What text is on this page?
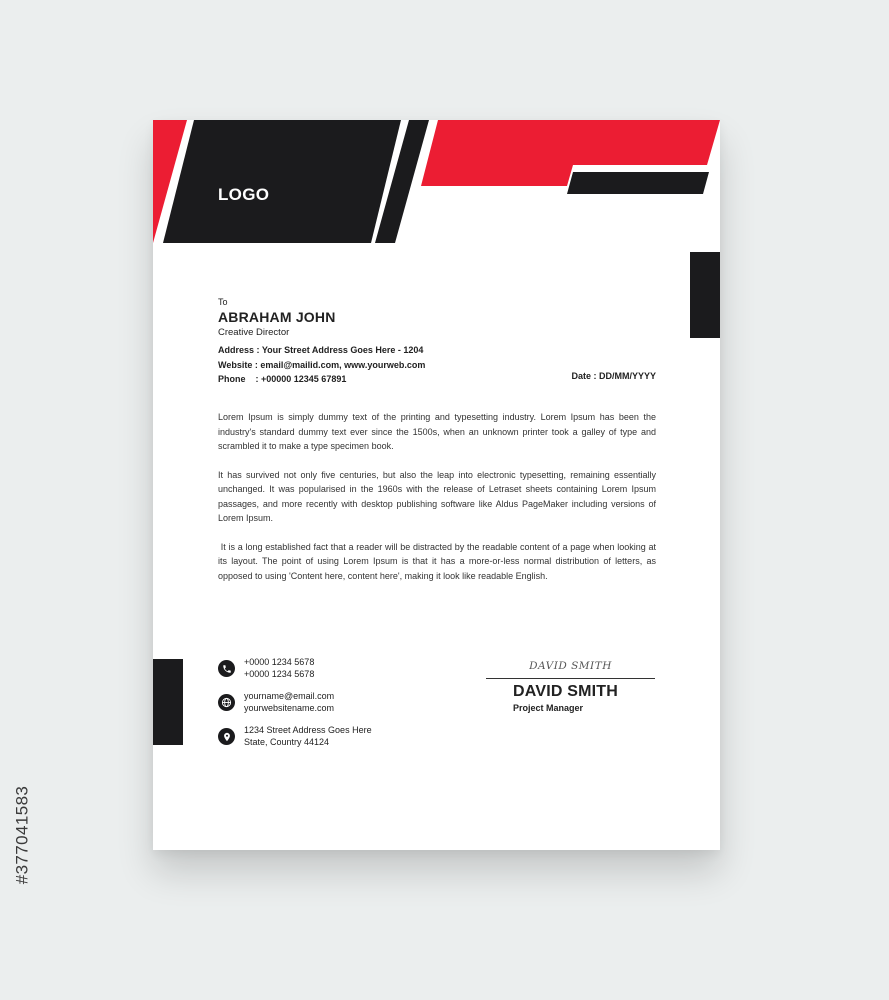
LOGO
To
ABRAHAM JOHN
Creative Director
Address : Your Street Address Goes Here - 1204
Website : email@mailid.com, www.yourweb.com
Phone    : +00000 12345 67891	Date : DD/MM/YYYY

Lorem Ipsum is simply dummy text of the printing and typesetting industry. Lorem Ipsum has been the industry's standard dummy text ever since the 1500s, when an unknown printer took a galley of type and scrambled it to make a type specimen book.

It has survived not only five centuries, but also the leap into electronic typesetting, remaining essentially unchanged. It was popularised in the 1960s with the release of Letraset sheets containing Lorem Ipsum passages, and more recently with desktop publishing software like Aldus PageMaker including versions of Lorem Ipsum.

It is a long established fact that a reader will be distracted by the readable content of a page when looking at its layout. The point of using Lorem Ipsum is that it has a more-or-less normal distribution of letters, as opposed to using 'Content here, content here', making it look like readable English.

+0000 1234 5678
+0000 1234 5678
yourname@email.com
yourwebsitename.com
1234 Street Address Goes Here
State, Country 44124
DAVID SMITH
DAVID SMITH
Project Manager
#377041583
